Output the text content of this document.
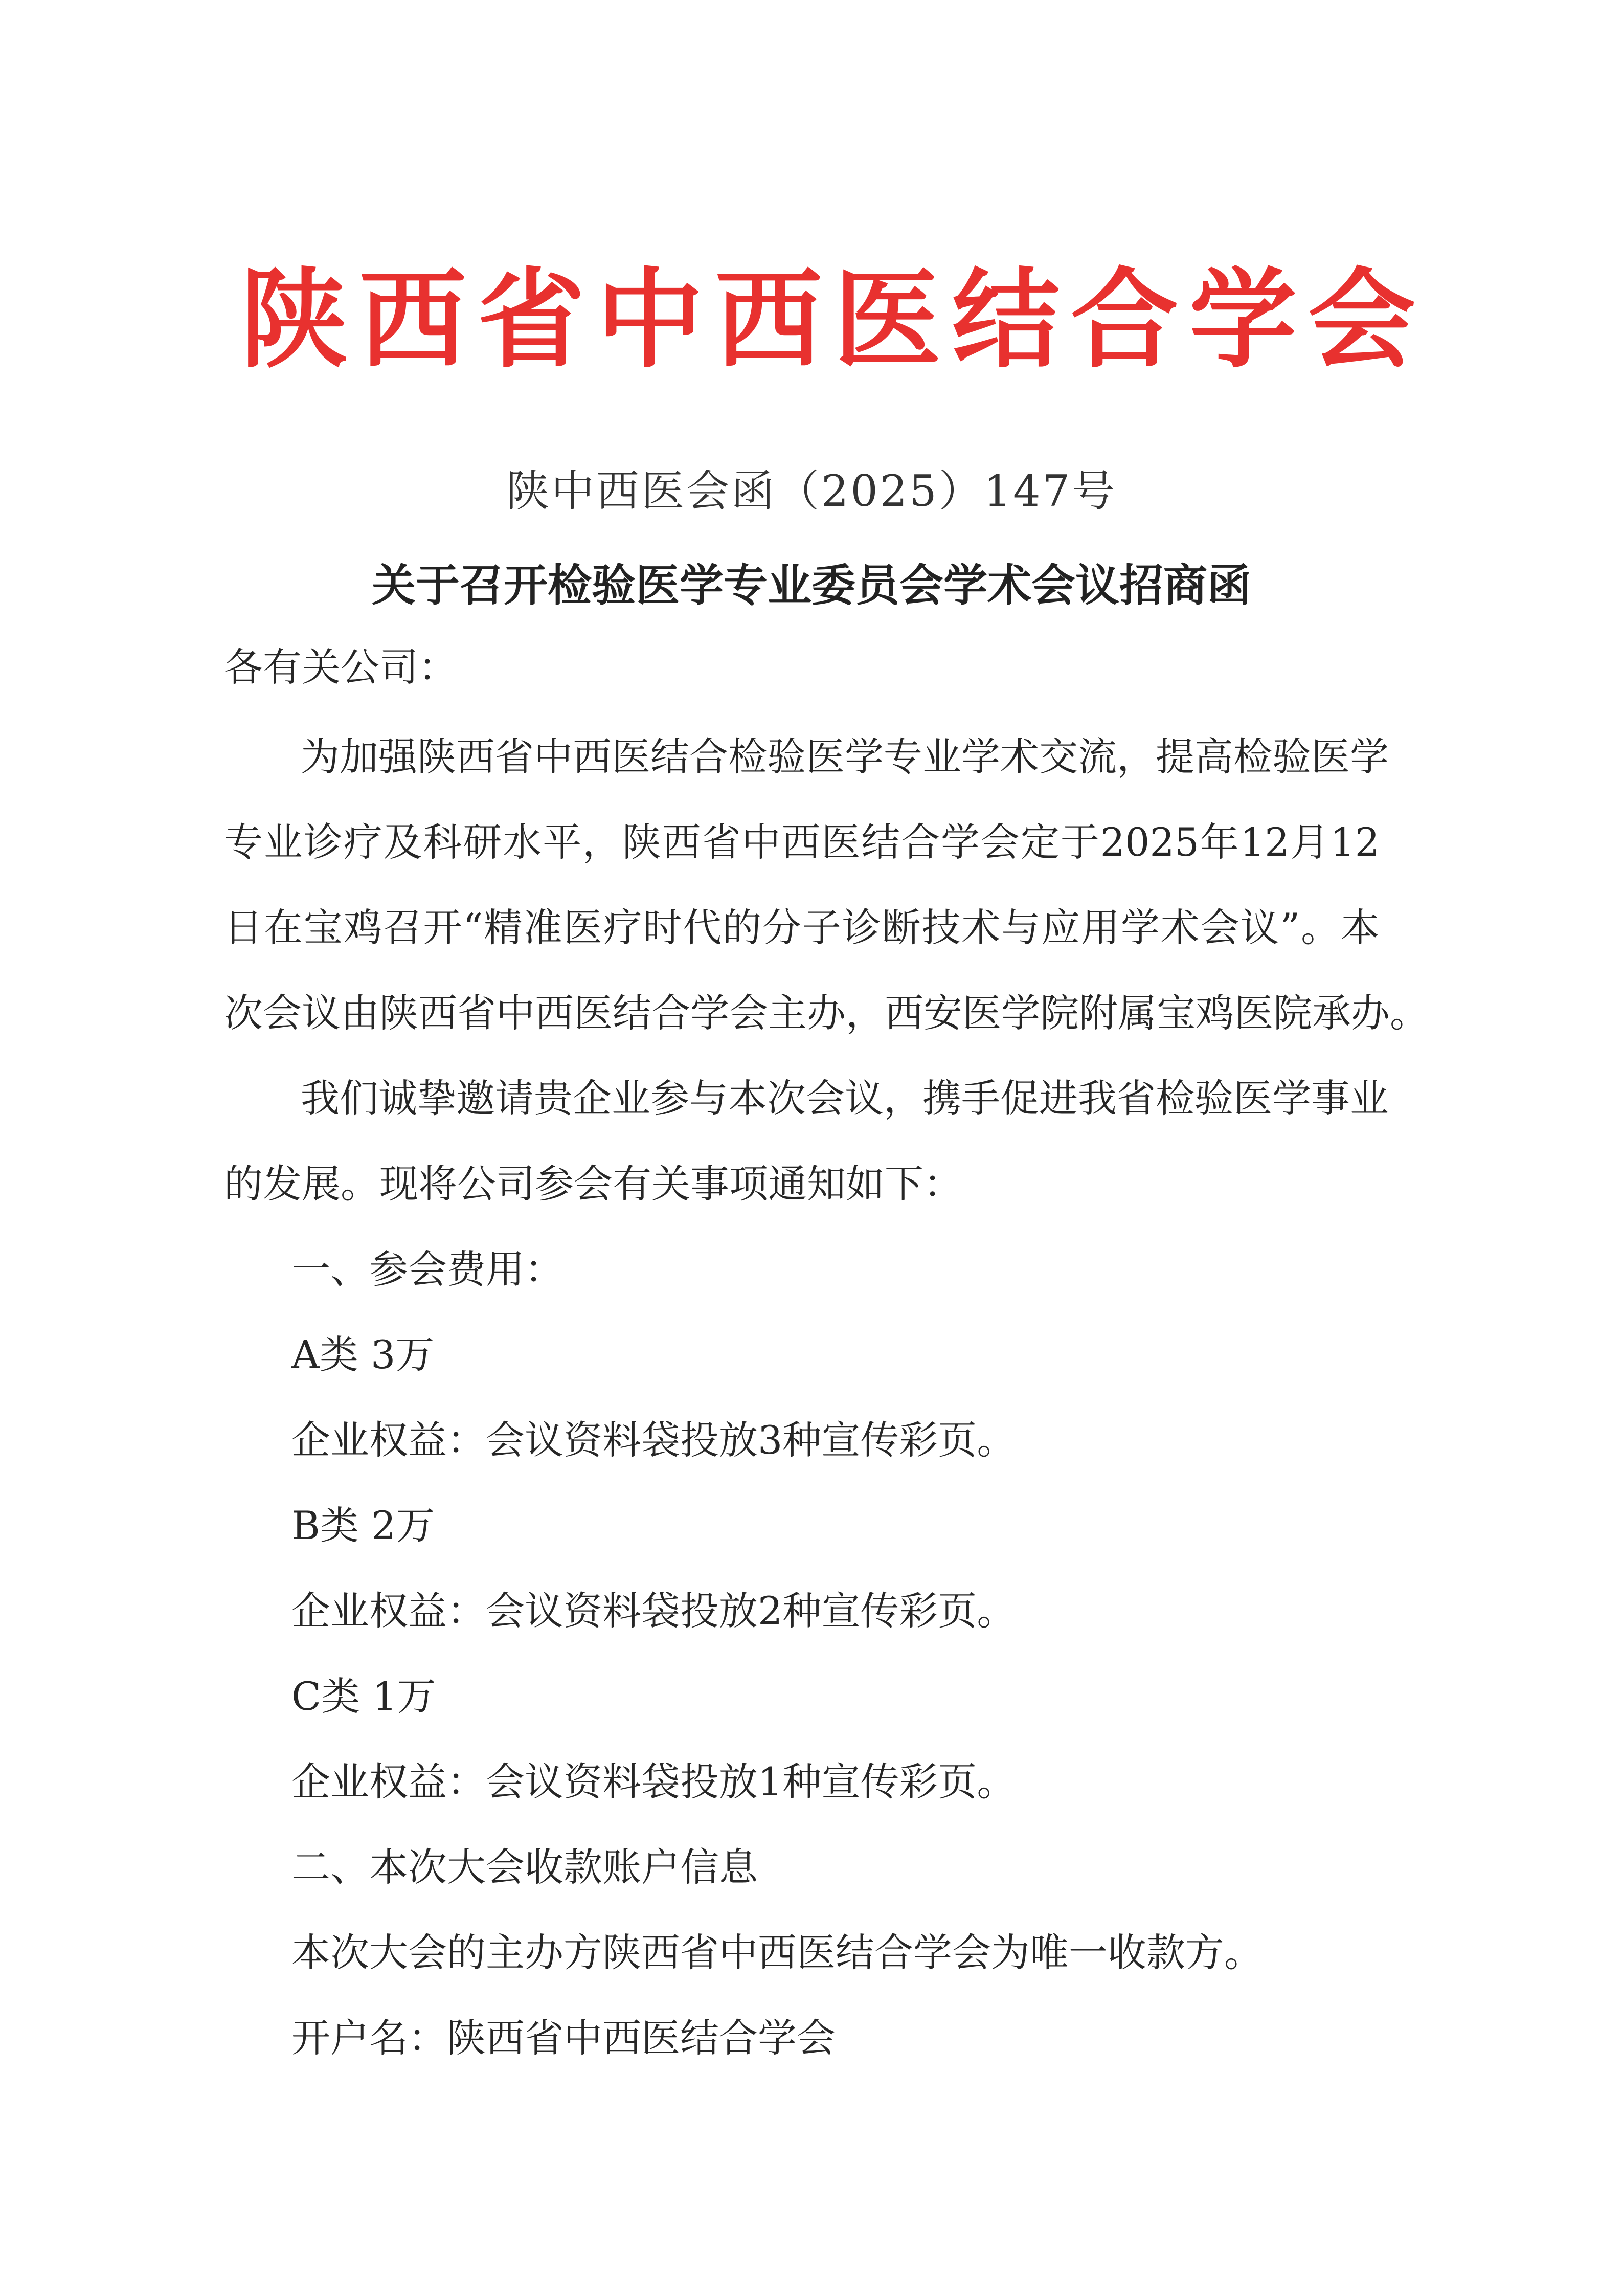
陕西省中西医结合学会
陕中西医会函（2025）147号
关于召开检验医学专业委员会学术会议招商函
各有关公司：
为加强陕西省中西医结合检验医学专业学术交流，提高检验医学
专业诊疗及科研水平，陕西省中西医结合学会定于2025年12月12
日在宝鸡召开“精准医疗时代的分子诊断技术与应用学术会议”。本
次会议由陕西省中西医结合学会主办，西安医学院附属宝鸡医院承办。
我们诚挚邀请贵企业参与本次会议，携手促进我省检验医学事业
的发展。现将公司参会有关事项通知如下：
一、参会费用：
A类 3万
企业权益：会议资料袋投放3种宣传彩页。
B类 2万
企业权益：会议资料袋投放2种宣传彩页。
C类 1万
企业权益：会议资料袋投放1种宣传彩页。
二、本次大会收款账户信息
本次大会的主办方陕西省中西医结合学会为唯一收款方。
开户名：陕西省中西医结合学会
